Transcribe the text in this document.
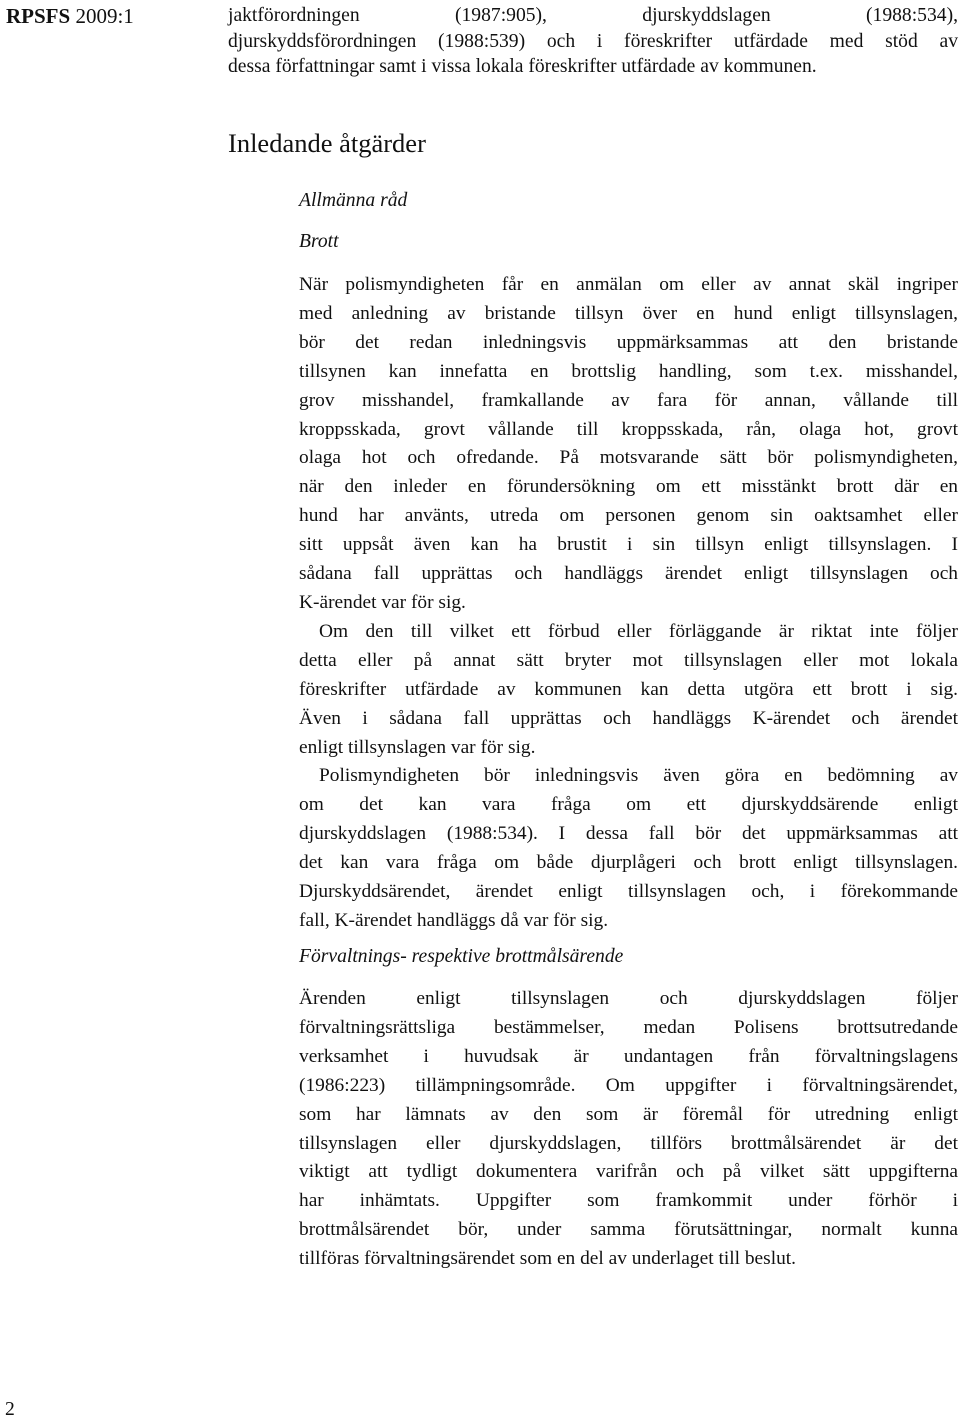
RPSFS 2009:1	jaktförordningen (1987:905), djurskyddslagen (1988:534),
djurskyddsförordningen (1988:539) och i föreskrifter utfärdade med stöd av
dessa författningar samt i vissa lokala föreskrifter utfärdade av kommunen.
Inledande åtgärder
Allmänna råd
Brott
När polismyndigheten får en anmälan om eller av annat skäl ingriper
med anledning av bristande tillsyn över en hund enligt tillsynslagen,
bör det redan inledningsvis uppmärksammas att den bristande
tillsynen kan innefatta en brottslig handling, som t.ex. misshandel,
grov misshandel, framkallande av fara för annan, vållande till
kroppsskada, grovt vållande till kroppsskada, rån, olaga hot, grovt
olaga hot och ofredande. På motsvarande sätt bör polismyndigheten,
när den inleder en förundersökning om ett misstänkt brott där en
hund har använts, utreda om personen genom sin oaktsamhet eller
sitt uppsåt även kan ha brustit i sin tillsyn enligt tillsynslagen. I
sådana fall upprättas och handläggs ärendet enligt tillsynslagen och
K-ärendet var för sig.
Om den till vilket ett förbud eller förläggande är riktat inte följer
detta eller på annat sätt bryter mot tillsynslagen eller mot lokala
föreskrifter utfärdade av kommunen kan detta utgöra ett brott i sig.
Även i sådana fall upprättas och handläggs K-ärendet och ärendet
enligt tillsynslagen var för sig.
Polismyndigheten bör inledningsvis även göra en bedömning av
om det kan vara fråga om ett djurskyddsärende enligt
djurskyddslagen (1988:534). I dessa fall bör det uppmärksammas att
det kan vara fråga om både djurplågeri och brott enligt tillsynslagen.
Djurskyddsärendet, ärendet enligt tillsynslagen och, i förekommande
fall, K-ärendet handläggs då var för sig.
Förvaltnings- respektive brottmålsärende
Ärenden enligt tillsynslagen och djurskyddslagen följer
förvaltningsrättsliga bestämmelser, medan Polisens brottsutredande
verksamhet i huvudsak är undantagen från förvaltningslagens
(1986:223) tillämpningsområde. Om uppgifter i förvaltningsärendet,
som har lämnats av den som är föremål för utredning enligt
tillsynslagen eller djurskyddslagen, tillförs brottmålsärendet är det
viktigt att tydligt dokumentera varifrån och på vilket sätt uppgifterna
har inhämtats. Uppgifter som framkommit under förhör i
brottmålsärendet bör, under samma förutsättningar, normalt kunna
tillföras förvaltningsärendet som en del av underlaget till beslut.
2
